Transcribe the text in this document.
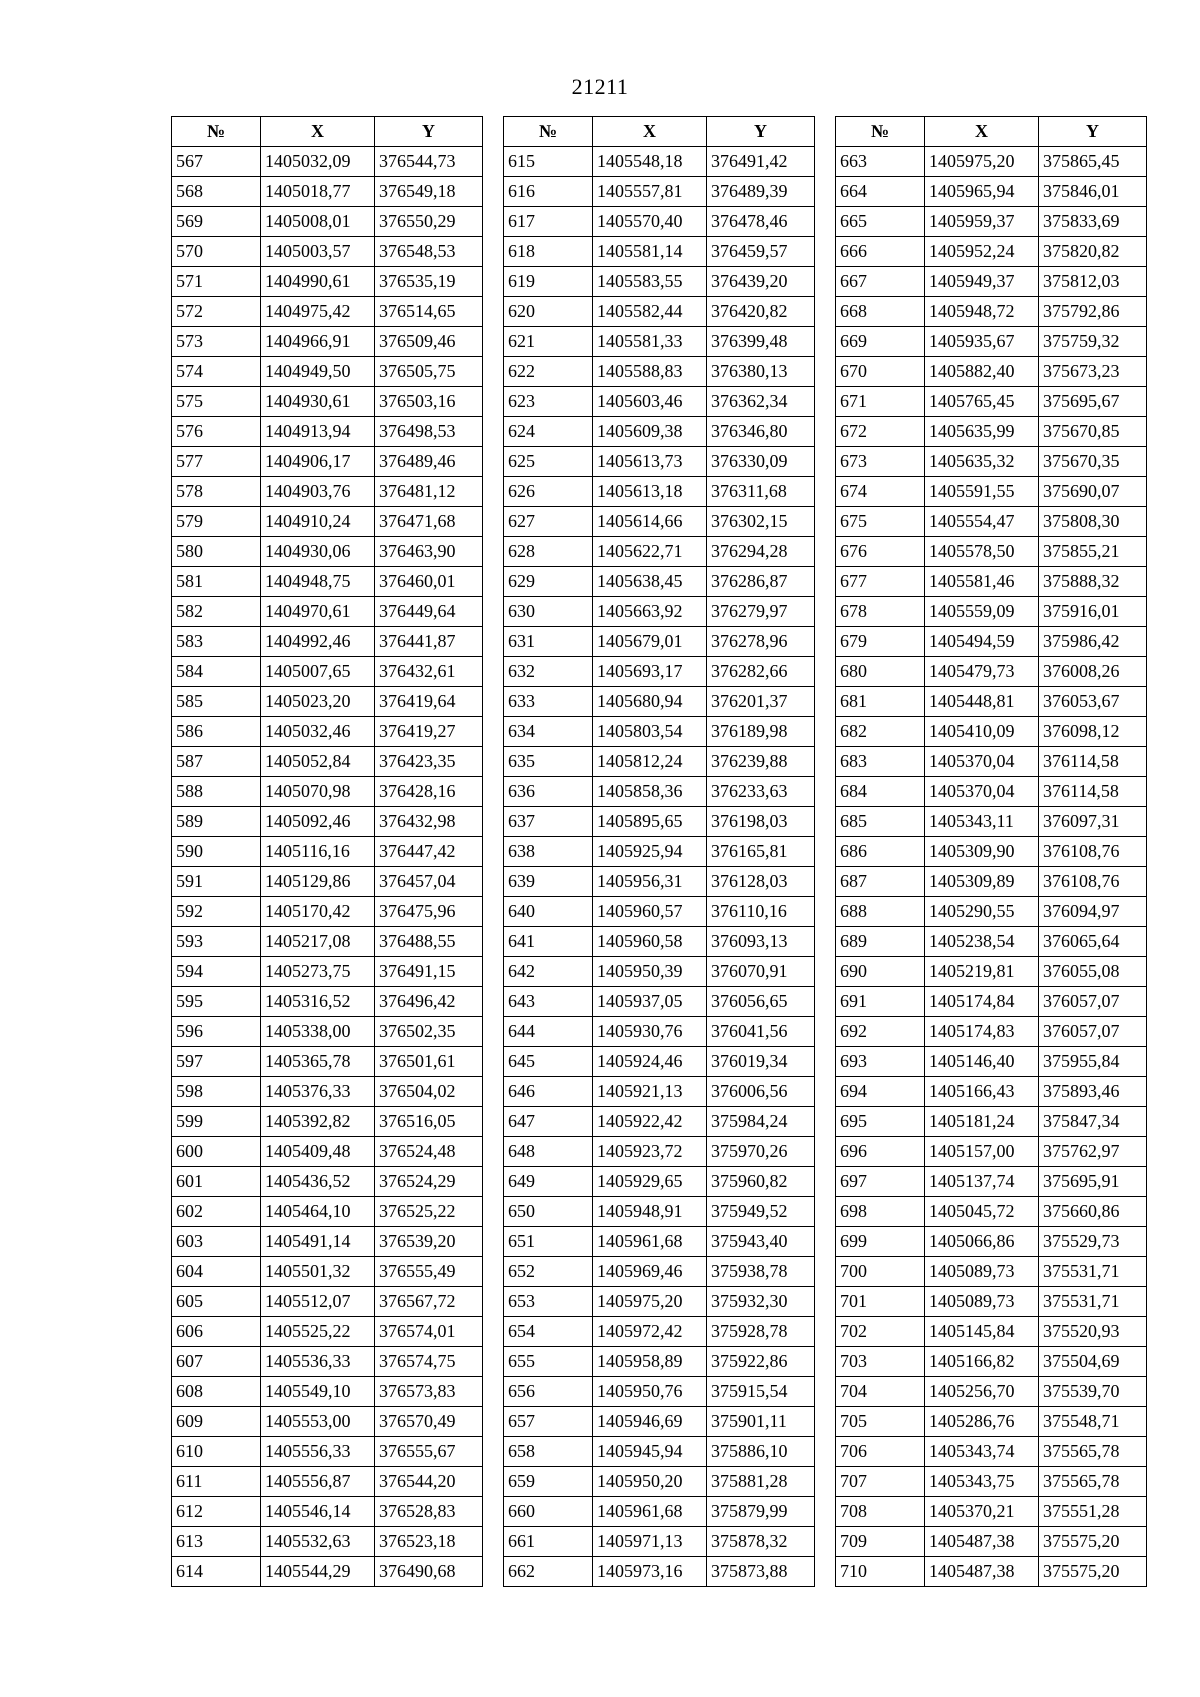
21211
№	X	Y
567	1405032,09	376544,73
568	1405018,77	376549,18
569	1405008,01	376550,29
570	1405003,57	376548,53
571	1404990,61	376535,19
572	1404975,42	376514,65
573	1404966,91	376509,46
574	1404949,50	376505,75
575	1404930,61	376503,16
576	1404913,94	376498,53
577	1404906,17	376489,46
578	1404903,76	376481,12
579	1404910,24	376471,68
580	1404930,06	376463,90
581	1404948,75	376460,01
582	1404970,61	376449,64
583	1404992,46	376441,87
584	1405007,65	376432,61
585	1405023,20	376419,64
586	1405032,46	376419,27
587	1405052,84	376423,35
588	1405070,98	376428,16
589	1405092,46	376432,98
590	1405116,16	376447,42
591	1405129,86	376457,04
592	1405170,42	376475,96
593	1405217,08	376488,55
594	1405273,75	376491,15
595	1405316,52	376496,42
596	1405338,00	376502,35
597	1405365,78	376501,61
598	1405376,33	376504,02
599	1405392,82	376516,05
600	1405409,48	376524,48
601	1405436,52	376524,29
602	1405464,10	376525,22
603	1405491,14	376539,20
604	1405501,32	376555,49
605	1405512,07	376567,72
606	1405525,22	376574,01
607	1405536,33	376574,75
608	1405549,10	376573,83
609	1405553,00	376570,49
610	1405556,33	376555,67
611	1405556,87	376544,20
612	1405546,14	376528,83
613	1405532,63	376523,18
614	1405544,29	376490,68
№	X	Y
615	1405548,18	376491,42
616	1405557,81	376489,39
617	1405570,40	376478,46
618	1405581,14	376459,57
619	1405583,55	376439,20
620	1405582,44	376420,82
621	1405581,33	376399,48
622	1405588,83	376380,13
623	1405603,46	376362,34
624	1405609,38	376346,80
625	1405613,73	376330,09
626	1405613,18	376311,68
627	1405614,66	376302,15
628	1405622,71	376294,28
629	1405638,45	376286,87
630	1405663,92	376279,97
631	1405679,01	376278,96
632	1405693,17	376282,66
633	1405680,94	376201,37
634	1405803,54	376189,98
635	1405812,24	376239,88
636	1405858,36	376233,63
637	1405895,65	376198,03
638	1405925,94	376165,81
639	1405956,31	376128,03
640	1405960,57	376110,16
641	1405960,58	376093,13
642	1405950,39	376070,91
643	1405937,05	376056,65
644	1405930,76	376041,56
645	1405924,46	376019,34
646	1405921,13	376006,56
647	1405922,42	375984,24
648	1405923,72	375970,26
649	1405929,65	375960,82
650	1405948,91	375949,52
651	1405961,68	375943,40
652	1405969,46	375938,78
653	1405975,20	375932,30
654	1405972,42	375928,78
655	1405958,89	375922,86
656	1405950,76	375915,54
657	1405946,69	375901,11
658	1405945,94	375886,10
659	1405950,20	375881,28
660	1405961,68	375879,99
661	1405971,13	375878,32
662	1405973,16	375873,88
№	X	Y
663	1405975,20	375865,45
664	1405965,94	375846,01
665	1405959,37	375833,69
666	1405952,24	375820,82
667	1405949,37	375812,03
668	1405948,72	375792,86
669	1405935,67	375759,32
670	1405882,40	375673,23
671	1405765,45	375695,67
672	1405635,99	375670,85
673	1405635,32	375670,35
674	1405591,55	375690,07
675	1405554,47	375808,30
676	1405578,50	375855,21
677	1405581,46	375888,32
678	1405559,09	375916,01
679	1405494,59	375986,42
680	1405479,73	376008,26
681	1405448,81	376053,67
682	1405410,09	376098,12
683	1405370,04	376114,58
684	1405370,04	376114,58
685	1405343,11	376097,31
686	1405309,90	376108,76
687	1405309,89	376108,76
688	1405290,55	376094,97
689	1405238,54	376065,64
690	1405219,81	376055,08
691	1405174,84	376057,07
692	1405174,83	376057,07
693	1405146,40	375955,84
694	1405166,43	375893,46
695	1405181,24	375847,34
696	1405157,00	375762,97
697	1405137,74	375695,91
698	1405045,72	375660,86
699	1405066,86	375529,73
700	1405089,73	375531,71
701	1405089,73	375531,71
702	1405145,84	375520,93
703	1405166,82	375504,69
704	1405256,70	375539,70
705	1405286,76	375548,71
706	1405343,74	375565,78
707	1405343,75	375565,78
708	1405370,21	375551,28
709	1405487,38	375575,20
710	1405487,38	375575,20
